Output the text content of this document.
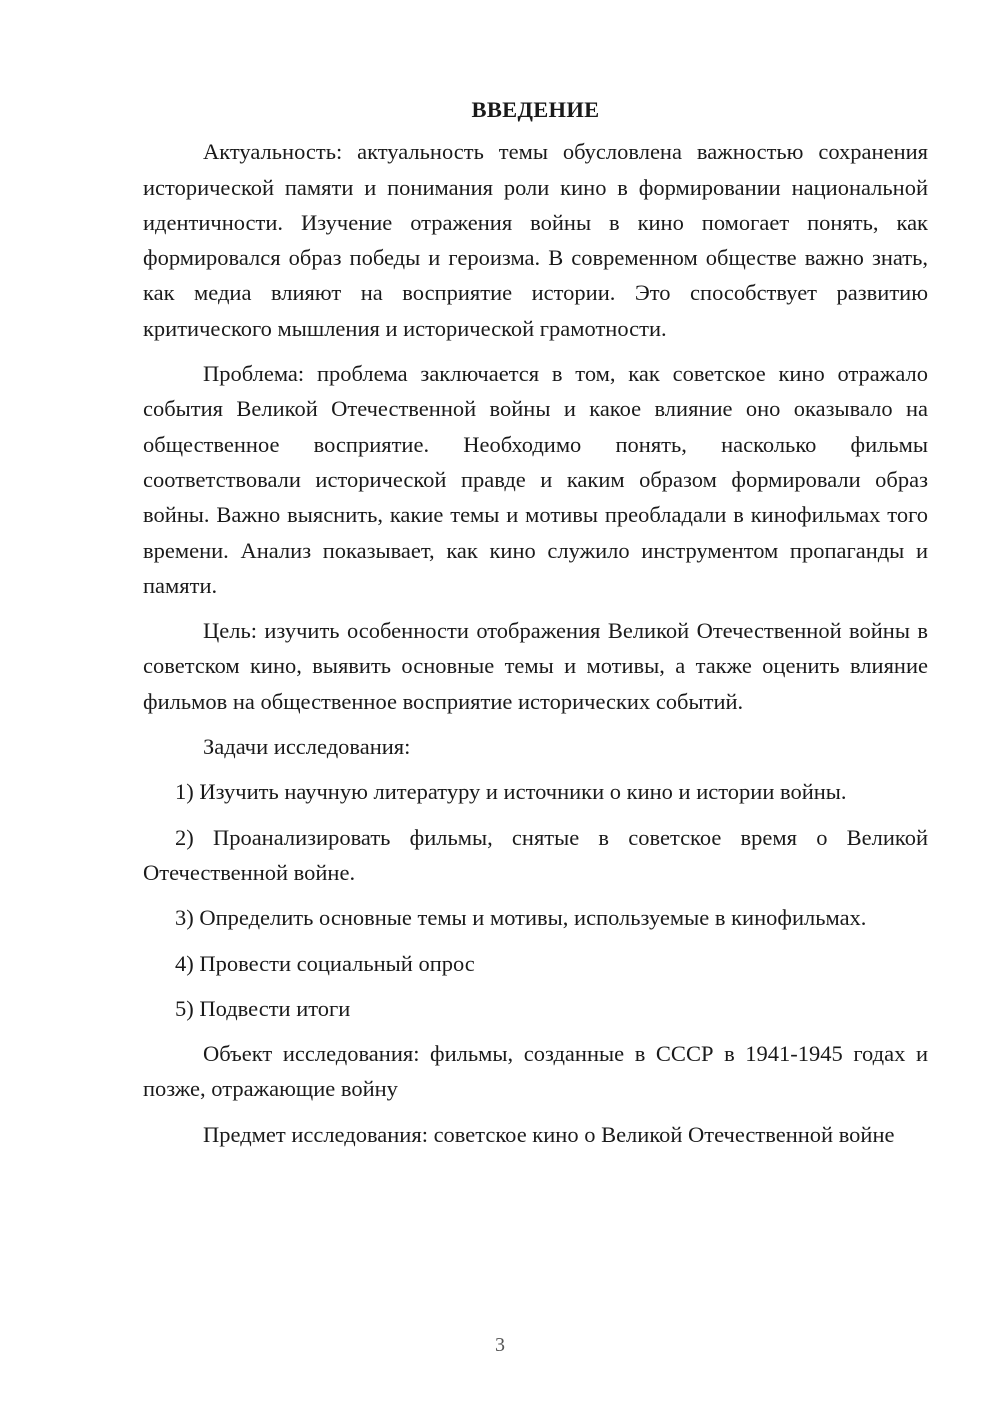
ВВЕДЕНИЕ

Актуальность: актуальность темы обусловлена важностью сохранения исторической памяти и понимания роли кино в формировании национальной идентичности. Изучение отражения войны в кино помогает понять, как формировался образ победы и героизма. В современном обществе важно знать, как медиа влияют на восприятие истории. Это способствует развитию критического мышления и исторической грамотности.

Проблема: проблема заключается в том, как советское кино отражало события Великой Отечественной войны и какое влияние оно оказывало на общественное восприятие. Необходимо понять, насколько фильмы соответствовали исторической правде и каким образом формировали образ войны. Важно выяснить, какие темы и мотивы преобладали в кинофильмах того времени. Анализ показывает, как кино служило инструментом пропаганды и памяти.

Цель: изучить особенности отображения Великой Отечественной войны в советском кино, выявить основные темы и мотивы, а также оценить влияние фильмов на общественное восприятие исторических событий.

Задачи исследования:

1) Изучить научную литературу и источники о кино и истории войны.

2) Проанализировать фильмы, снятые в советское время о Великой Отечественной войне.

3) Определить основные темы и мотивы, используемые в кинофильмах.

4) Провести социальный опрос

5) Подвести итоги

Объект исследования: фильмы, созданные в СССР в 1941-1945 годах и позже, отражающие войну

Предмет исследования: советское кино о Великой Отечественной войне

3
